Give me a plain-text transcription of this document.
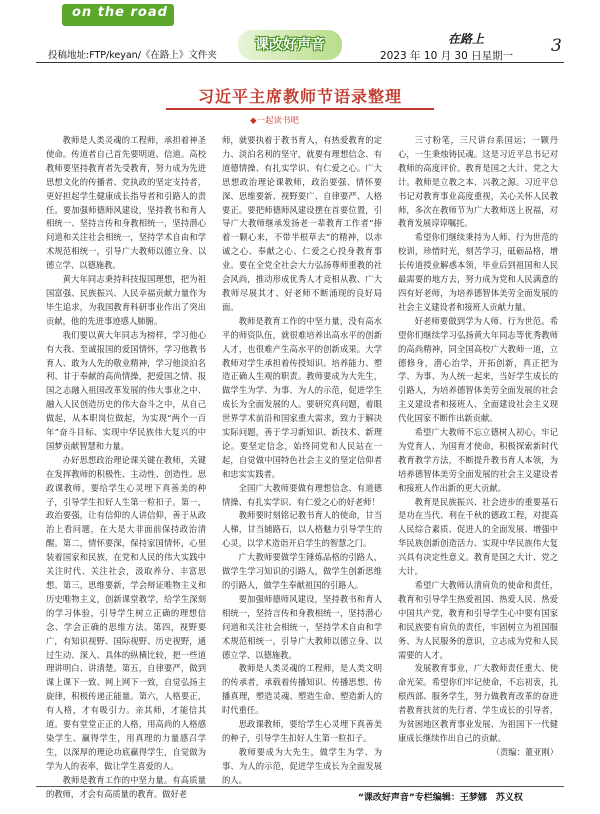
on the road
投稿地址:FTP/keyan/《在路上》文件夹
课改好声音	在路上
2023 年 10 月 30 日星期一 3
习近平主席教师节语录整理
◆一起读书吧

教师是人类灵魂的工程师，承担着神圣使命。传道者自己首先要明道、信道。高校教师要坚持教育者先受教育，努力成为先进思想文化的传播者、党执政的坚定支持者，更好担起学生健康成长指导者和引路人的责任。要加强师德师风建设，坚持教书和育人相统一、坚持言传和身教相统一，坚持潜心问道和关注社会相统一，坚持学术自由和学术规范相统一，引导广大教师以德立身、以德立学、以德施教。

黄大年同志秉持科技报国理想，把为祖国富强、民族振兴、人民幸福贡献力量作为毕生追求，为我国教育科研事业作出了突出贡献，他的先进事迹感人肺腑。

我们要以黄大年同志为榜样，学习他心有大我、至诚报国的爱国情怀，学习他教书育人、敢为人先的敬业精神，学习他淡泊名利、甘于奉献的高尚情操，把爱国之情、报国之志融入祖国改革发展的伟大事业之中、融入人民创造历史的伟大奋斗之中，从自己做起，从本职岗位做起，为实现“两个一百年”奋斗目标、实现中华民族伟大复兴的中国梦贡献智慧和力量。

办好思想政治理论课关键在教师，关键在发挥教师的积极性、主动性、创造性。思政课教师，要给学生心灵埋下真善美的种子，引导学生扣好人生第一粒扣子。第一，政治要强，让有信仰的人讲信仰，善于从政治上看问题，在大是大非面前保持政治清醒。第二，情怀要深，保持家国情怀，心里装着国家和民族，在党和人民的伟大实践中关注时代、关注社会，汲取养分、丰富思想。第三，思维要新，学会辩证唯物主义和历史唯物主义，创新课堂教学，给学生深刻的学习体验，引导学生树立正确的理想信念、学会正确的思维方法。第四，视野要广，有知识视野、国际视野、历史视野，通过生动、深入、具体的纵横比较，把一些道理讲明白、讲清楚。第五，自律要严，做到课上课下一致、网上网下一致，自觉弘扬主旋律，积极传递正能量。第六，人格要正，有人格，才有吸引力。亲其师，才能信其道。要有堂堂正正的人格，用高尚的人格感染学生、赢得学生，用真理的力量感召学生，以深厚的理论功底赢得学生，自觉做为学为人的表率，做让学生喜爱的人。

教师是教育工作的中坚力量。有高质量的教师，才会有高质量的教育。做好老

师，就要执着于教书育人，有热爱教育的定力、淡泊名利的坚守，就要有理想信念、有道德情操、有扎实学识、有仁爱之心。广大思想政治理论课教师，政治要强、情怀要深、思维要新、视野要广、自律要严、人格要正。要把师德师风建设摆在首要位置，引导广大教师继承发扬老一辈教育工作者“捧着一颗心来，不带半根草去”的精神，以赤诚之心、奉献之心、仁爱之心投身教育事业。要在全党全社会大力弘扬尊师重教的社会风尚，推动形成优秀人才竞相从教、广大教师尽展其才、好老师不断涌现的良好局面。

教师是教育工作的中坚力量，没有高水平的师资队伍，就很难培养出高水平的创新人才，也很难产生高水平的创新成果。大学教师对学生承担着传授知识、培养能力、塑造正确人生观的职责。教师要成为大先生，做学生为学、为事、为人的示范，促进学生成长为全面发展的人。要研究真问题，着眼世界学术前沿和国家重大需求，致力于解决实际问题，善于学习新知识、新技术、新理论。要坚定信念，始终同党和人民站在一起，自觉做中国特色社会主义的坚定信仰者和忠实实践者。

全国广大教师要做有理想信念、有道德情操、有扎实学识、有仁爱之心的好老师！

教师要时刻铭记教书育人的使命，甘当人梯，甘当铺路石，以人格魅力引导学生的心灵，以学术造诣开启学生的智慧之门。

广大教师要做学生锤炼品格的引路人，做学生学习知识的引路人，做学生创新思维的引路人，做学生奉献祖国的引路人。

要加强师德师风建设，坚持教书和育人相统一，坚持言传和身教相统一，坚持潜心问道和关注社会相统一，坚持学术自由和学术规范相统一，引导广大教师以德立身、以德立学、以德施教。

教师是人类灵魂的工程师，是人类文明的传承者，承载着传播知识、传播思想、传播真理，塑造灵魂、塑造生命、塑造新人的时代重任。

思政课教师，要给学生心灵埋下真善美的种子，引导学生扣好人生第一粒扣子。

教师要成为大先生，做学生为学、为事、为人的示范，促进学生成长为全面发展的人。

三寸粉笔，三尺讲台系国运；一颗丹心，一生秉烛铸民魂。这是习近平总书记对教师的高度评价。教育是国之大计、党之大计。教师是立教之本、兴教之源。习近平总书记对教育事业高度重视，关心关怀人民教师，多次在教师节为广大教师送上祝福，对教育发展谆谆嘱托。

希望你们继续秉持为人师、行为世范的校训，珍惜时光，刻苦学习，砥砺品格，增长传道授业解惑本领，毕业后到祖国和人民最需要的地方去，努力成为党和人民满意的四有好老师，为培养德智体美劳全面发展的社会主义建设者和接班人贡献力量。

好老师要做到学为人师、行为世范。希望你们继续学习弘扬黄大年同志等优秀教师的高尚精神，同全国高校广大教师一道，立德修身，潜心治学，开拓创新，真正把为学、为事、为人统一起来，当好学生成长的引路人，为培养德智体美劳全面发展的社会主义建设者和接班人、全面建设社会主义现代化国家不断作出新贡献。

希望广大教师不忘立德树人初心，牢记为党育人、为国育才使命，积极探索新时代教育教学方法，不断提升教书育人本领，为培养德智体美劳全面发展的社会主义建设者和接班人作出新的更大贡献。

教育是民族振兴、社会进步的重要基石是功在当代、利在千秋的德政工程，对提高人民综合素质、促进人的全面发展、增强中华民族创新创造活力、实现中华民族伟大复兴具有决定性意义。教育是国之大计、党之大计。

希望广大教师认清肩负的使命和责任，教育和引导学生热爱祖国、热爱人民、热爱中国共产党，教育和引导学生心中要有国家和民族要有肩负的责任，牢固树立为祖国服务、为人民服务的意识，立志成为党和人民需要的人才。

发展教育事业，广大教师责任重大、使命光荣。希望你们牢记使命，不忘初衷，扎根西部、服务学生，努力做教育改革的奋进者教育扶贫的先行者、学生成长的引导者，为贫困地区教育事业发展、为祖国下一代健康成长继续作出自己的贡献。

（责编：董亚刚）

“课改好声音”专栏编辑：王梦娜　苏义权
